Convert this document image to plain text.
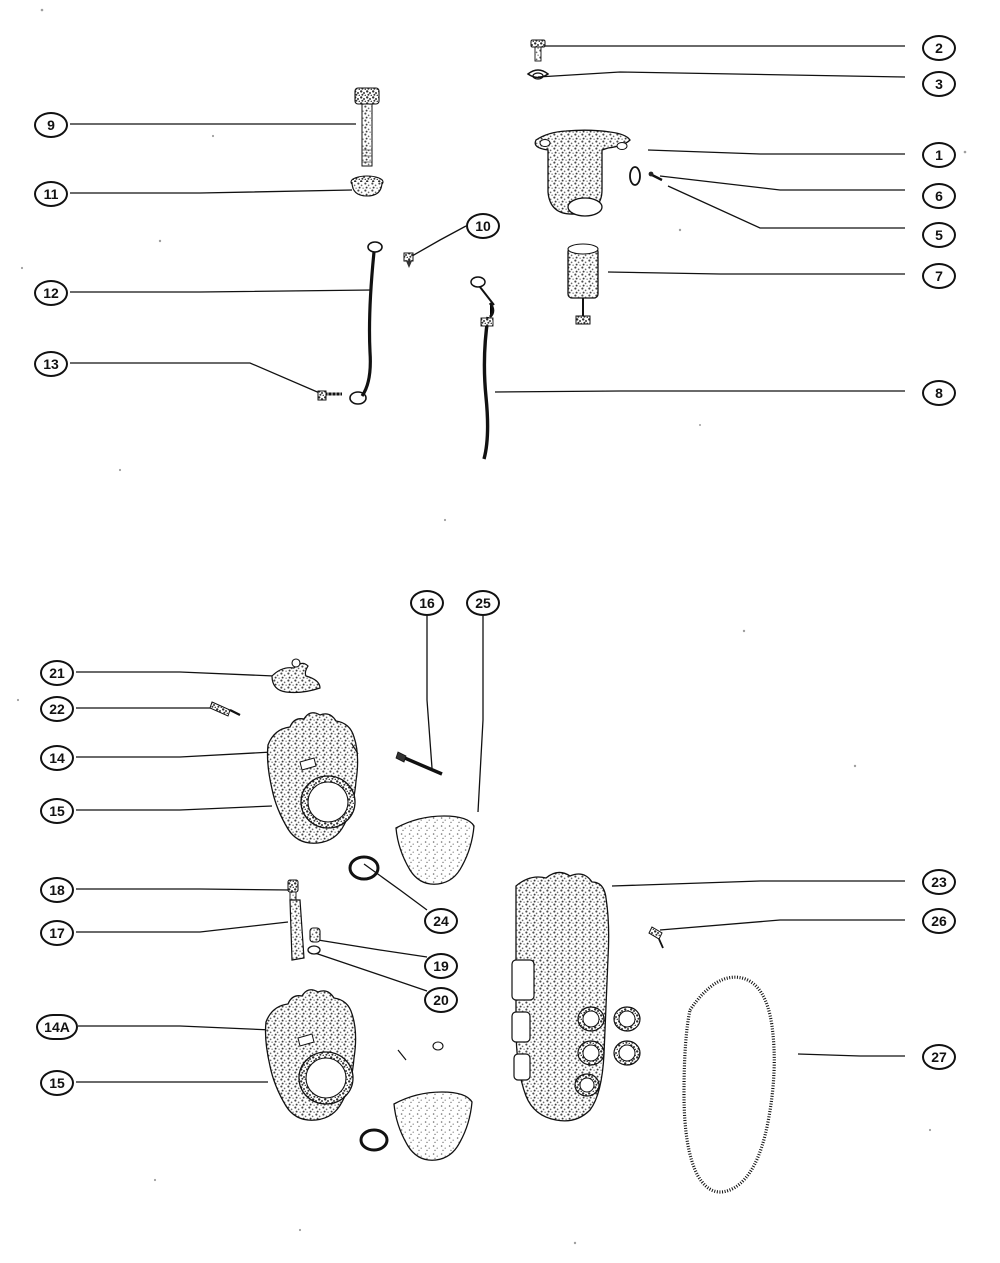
2
3
9
1
6
11
5
10
7
12
13
8
16	25
21
22
14
15
18	23
17
26
24
19
20
14A
27
15
